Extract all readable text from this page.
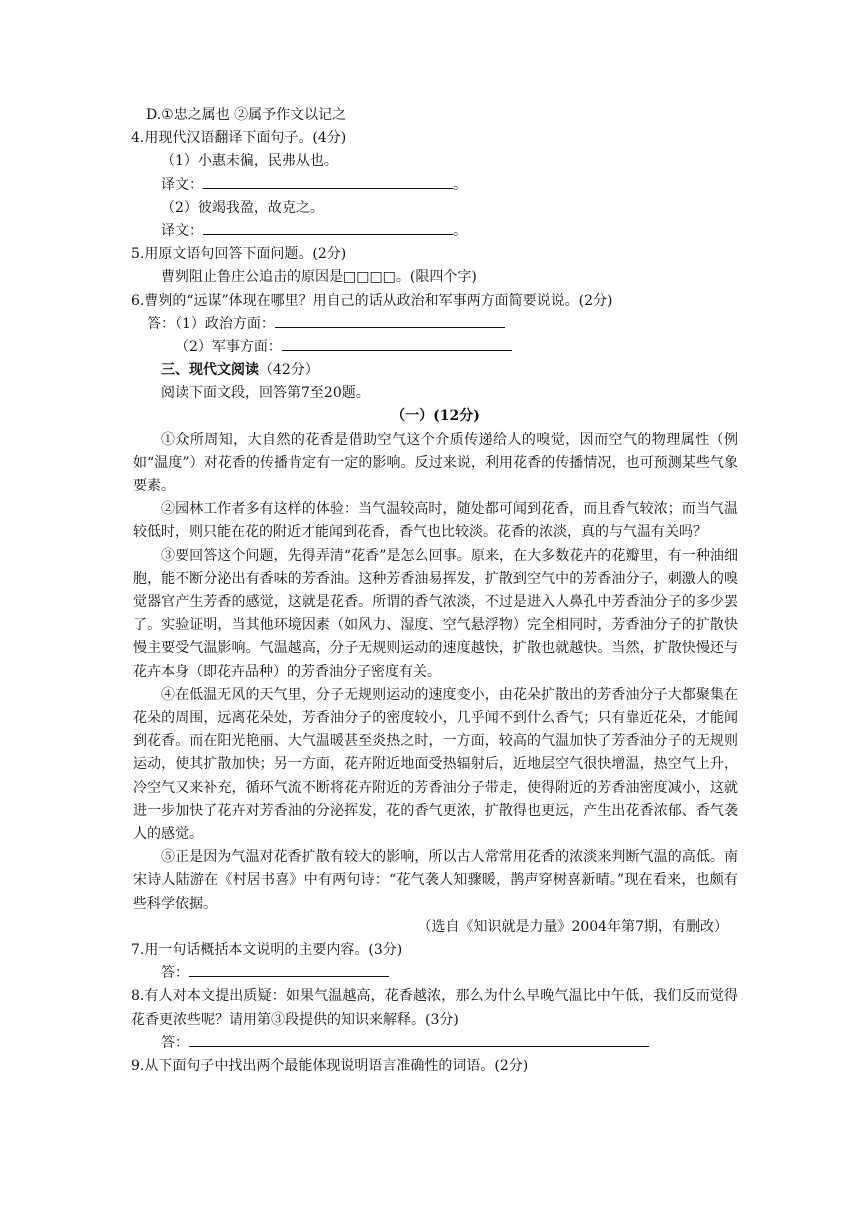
D.①忠之属也 ②属予作文以记之
4.用现代汉语翻译下面句子。(4分)
（1）小惠未徧，民弗从也。
译文：	。
（2）彼竭我盈，故克之。
译文：	。
5.用原文语句回答下面问题。(2分)
曹刿阻止鲁庄公追击的原因是□□□□。(限四个字)
6.曹刿的“远谋”体现在哪里？用自己的话从政治和军事两方面简要说说。(2分)
答：（1）政治方面：
（2）军事方面：
三、现代文阅读（42分）
阅读下面文段，回答第7至20题。
（一）(12分)

①众所周知，大自然的花香是借助空气这个介质传递给人的嗅觉，因而空气的物理属性（例如“温度”）对花香的传播肯定有一定的影响。反过来说，利用花香的传播情况，也可预测某些气象要素。

②园林工作者多有这样的体验：当气温较高时，随处都可闻到花香，而且香气较浓；而当气温较低时，则只能在花的附近才能闻到花香，香气也比较淡。花香的浓淡，真的与气温有关吗？

③要回答这个问题，先得弄清“花香”是怎么回事。原来，在大多数花卉的花瓣里，有一种油细胞，能不断分泌出有香味的芳香油。这种芳香油易挥发，扩散到空气中的芳香油分子，刺激人的嗅觉器官产生芳香的感觉，这就是花香。所谓的香气浓淡，不过是进入人鼻孔中芳香油分子的多少罢了。实验证明，当其他环境因素（如风力、湿度、空气悬浮物）完全相同时，芳香油分子的扩散快慢主要受气温影响。气温越高，分子无规则运动的速度越快，扩散也就越快。当然，扩散快慢还与花卉本身（即花卉品种）的芳香油分子密度有关。

④在低温无风的天气里，分子无规则运动的速度变小，由花朵扩散出的芳香油分子大都聚集在花朵的周围，远离花朵处，芳香油分子的密度较小，几乎闻不到什么香气；只有靠近花朵，才能闻到花香。而在阳光艳丽、大气温暖甚至炎热之时，一方面，较高的气温加快了芳香油分子的无规则运动，使其扩散加快；另一方面，花卉附近地面受热辐射后，近地层空气很快增温，热空气上升，冷空气又来补充，循环气流不断将花卉附近的芳香油分子带走，使得附近的芳香油密度减小，这就进一步加快了花卉对芳香油的分泌挥发，花的香气更浓，扩散得也更远，产生出花香浓郁、香气袭人的感觉。

⑤正是因为气温对花香扩散有较大的影响，所以古人常常用花香的浓淡来判断气温的高低。南宋诗人陆游在《村居书喜》中有两句诗：“花气袭人知骤暖，鹊声穿树喜新晴。”现在看来，也颇有些科学依据。

（选自《知识就是力量》2004年第7期，有删改）
7.用一句话概括本文说明的主要内容。(3分)
答：

8.有人对本文提出质疑：如果气温越高，花香越浓，那么为什么早晚气温比中午低，我们反而觉得花香更浓些呢？请用第③段提供的知识来解释。(3分)

答：
9.从下面句子中找出两个最能体现说明语言准确性的词语。(2分)
